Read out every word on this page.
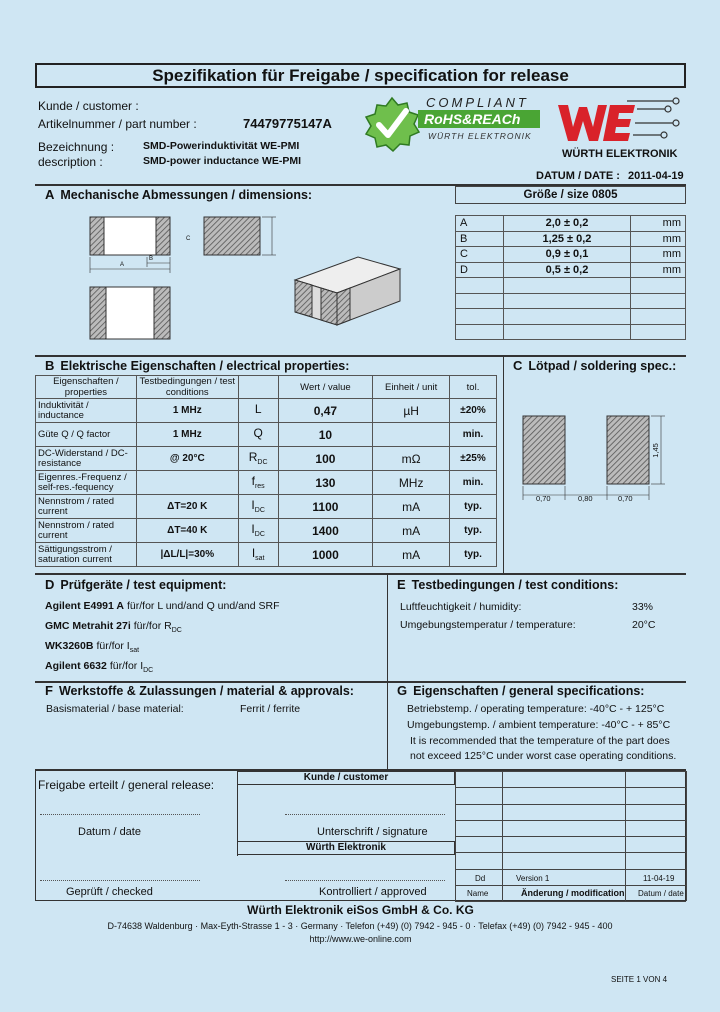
Spezifikation für Freigabe / specification for release
Kunde / customer :
Artikelnummer / part number :	74479775147A
Bezeichnung :	SMD-Powerinduktivität WE-PMI
description :	SMD-power inductance WE-PMI
COMPLIANT
RoHS&REACh
WÜRTH ELEKTRONIK
WÜRTH ELEKTRONIK
DATUM / DATE : 2011-04-19
A Mechanische Abmessungen / dimensions:
A
B
C
Größe / size 0805
A	2,0 ± 0,2	mm
B	1,25 ± 0,2	mm
C	0,9 ± 0,1	mm
D	0,5 ± 0,2	mm

B Elektrische Eigenschaften / electrical properties:
Eigenschaften / properties	Testbedingungen / test conditions		Wert / value	Einheit / unit	tol.
Induktivität / inductance	1 MHz	L	0,47	µH	±20%
Güte Q / Q factor	1 MHz	Q	10		min.
DC-Widerstand / DC-resistance	@ 20°C	$R_{DC}$	100	mΩ	±25%
Eigenres.-Frequenz / self-res.-fequency		$f_{res}$	130	MHz	min.
Nennstrom / rated current	ΔT=20 K	$I_{DC}$	1100	mA	typ.
Nennstrom / rated current	ΔT=40 K	$I_{DC}$	1400	mA	typ.
Sättigungsstrom / saturation current	|ΔL/L|=30%	$I_{sat}$	1000	mA	typ.
C Lötpad / soldering spec.:
0,70	0,80	0,70
1,45
D Prüfgeräte / test equipment:
Agilent E4991 A für/for L und/and Q und/and SRF
GMC Metrahit 27i für/for $R_{DC}$
WK3260B für/for $I_{sat}$
Agilent 6632 für/for $I_{DC}$
E Testbedingungen / test conditions:
Luftfeuchtigkeit / humidity:	33%
Umgebungstemperatur / temperature:	20°C
F Werkstoffe & Zulassungen / material & approvals:
Basismaterial / base material:	Ferrit / ferrite
G Eigenschaften / general specifications:
Betriebstemp. / operating temperature: -40°C - + 125°C
Umgebungstemp. / ambient temperature: -40°C - + 85°C
It is recommended that the temperature of the part does
not exceed 125°C under worst case operating conditions.
Freigabe erteilt / general release:
Kunde / customer
Datum / date	Unterschrift / signature
Würth Elektronik
Geprüft / checked	Kontrolliert / approved
Dd	Version 1	11-04-19
Name	Änderung / modification Datum / date
Würth Elektronik eiSos GmbH & Co. KG
D-74638 Waldenburg · Max-Eyth-Strasse 1 - 3 · Germany · Telefon (+49) (0) 7942 - 945 - 0 · Telefax (+49) (0) 7942 - 945 - 400
http://www.we-online.com
SEITE 1 VON 4
